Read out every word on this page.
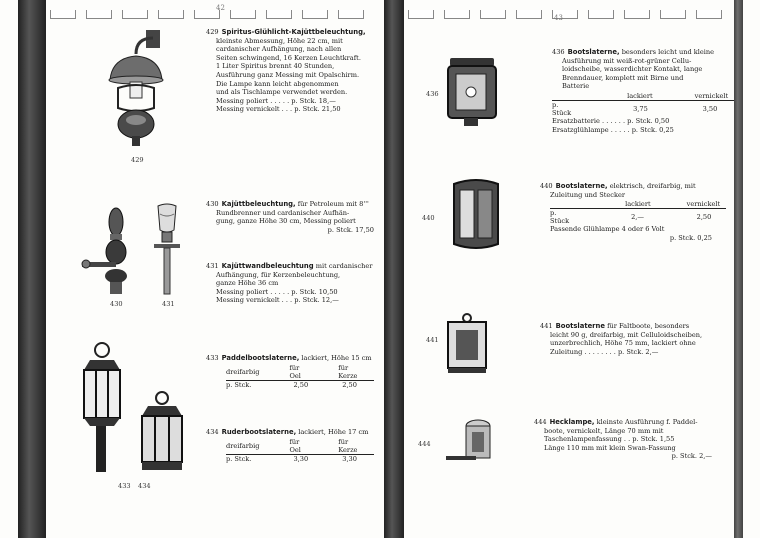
42
429
429 Spiritus-Glühlicht-Kajüttbeleuchtung,
kleinste Abmessung, Höhe 22 cm, mit
cardanischer Aufhängung, nach allen
Seiten schwingend, 16 Kerzen Leuchtkraft.
1 Liter Spiritus brennt 40 Stunden,
Ausführung ganz Messing mit Opalschirm.
Die Lampe kann leicht abgenommen
und als Tischlampe verwendet werden.
Messing poliert . . . . . p. Stck. 18,—
Messing vernickelt . . . p. Stck. 21,50
430	431
430 Kajüttbeleuchtung, für Petroleum mit 8'''
Rundbrenner und cardanischer Aufhän-
gung, ganze Höhe 30 cm, Messing poliert
p. Stck. 17,50
431 Kajüttwandbeleuchtung mit cardanischer
Aufhängung, für Kerzenbeleuchtung,
ganze Höhe 36 cm
Messing poliert . . . . . p. Stck. 10,50
Messing vernickelt . . . p. Stck. 12,—
433 434
433 Paddelbootslaterne, lackiert, Höhe 15 cm
dreifarbig	für Oel	für Kerze
p. Stck.	2,50	2,50
434 Ruderbootslaterne, lackiert, Höhe 17 cm
dreifarbig	für Oel	für Kerze
p. Stck.	3,30	3,30
43
436
436 Bootslaterne, besonders leicht und kleine
Ausführung mit weiß-rot-grüner Cellu-
loidscheibe, wasserdichter Kontakt, lange
Brenndauer, komplett mit Birne und
Batterie
	lackiert	vernickelt
p. Stück	3,75	3,50
Ersatzbatterie . . . . . . p. Stck. 0,50
Ersatzglühlampe . . . . . p. Stck. 0,25
440
440 Bootslaterne, elektrisch, dreifarbig, mit
Zuleitung und Stecker
	lackiert	vernickelt
p. Stück	2,—	2,50
Passende Glühlampe 4 oder 6 Volt
p. Stck. 0,25
441
441 Bootslaterne für Faltboote, besonders
leicht 90 g, dreifarbig, mit Celluloidscheiben,
unzerbrechlich, Höhe 75 mm, lackiert ohne
Zuleitung . . . . . . . . p. Stck. 2,—
444
444 Hecklampe, kleinste Ausführung f. Paddel-
boote, vernickelt, Länge 70 mm mit
Taschenlampenfassung . . p. Stck. 1,55
Länge 110 mm mit klein Swan-Fassung
p. Stck. 2,—
